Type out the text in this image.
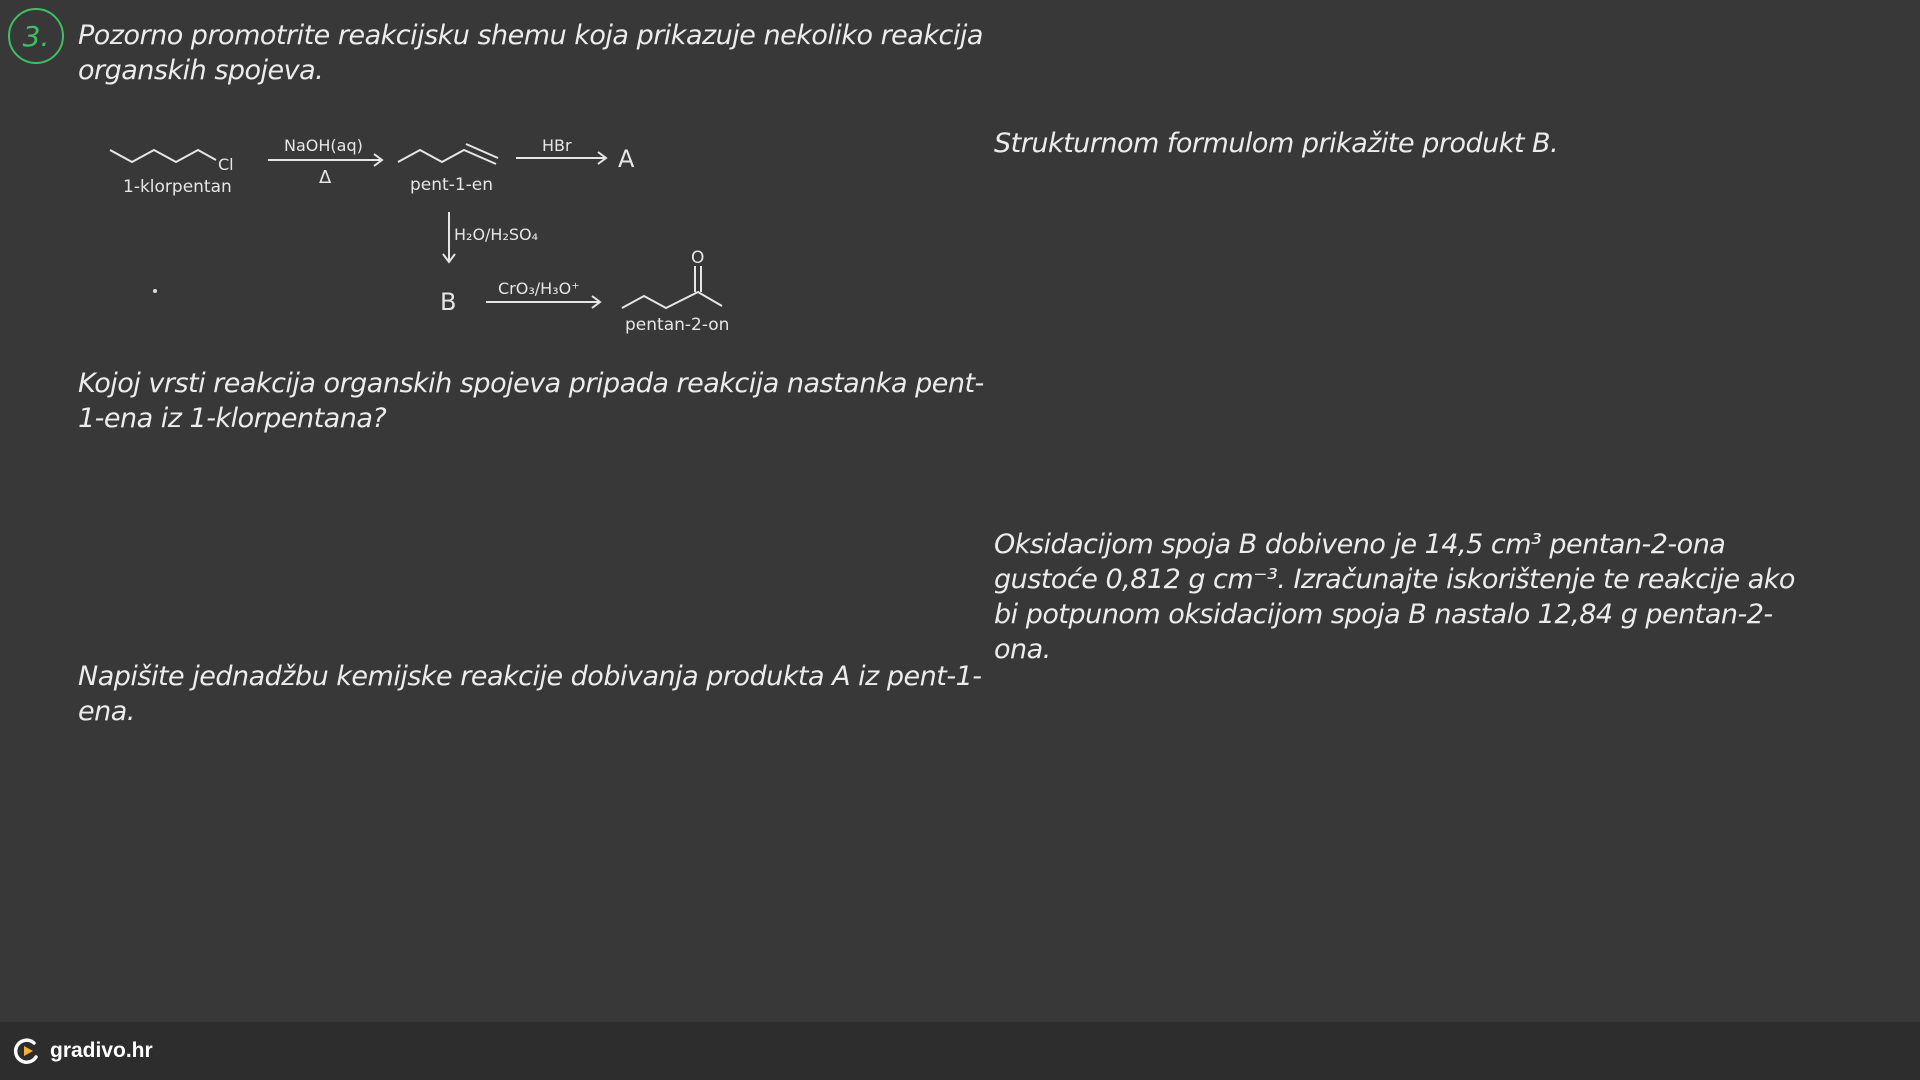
3. Pozorno promotrite reakcijsku shemu koja prikazuje nekoliko reakcija organskih spojeva.
Cl
1-klorpentan
NaOH(aq)
Δ	pent-1-en
HBr A
H₂O/H₂SO₄
B	CrO₃/H₃O⁺
O
pentan-2-on
Strukturnom formulom prikažite produkt B.
Kojoj vrsti reakcija organskih spojeva pripada reakcija nastanka pent-1-ena iz 1-klorpentana?
Oksidacijom spoja B dobiveno je 14,5 cm³ pentan-2-ona gustoće 0,812 g cm⁻³. Izračunajte iskorištenje te reakcije ako bi potpunom oksidacijom spoja B nastalo 12,84 g pentan-2-ona.
Napišite jednadžbu kemijske reakcije dobivanja produkta A iz pent-1-ena.
gradivo.hr
